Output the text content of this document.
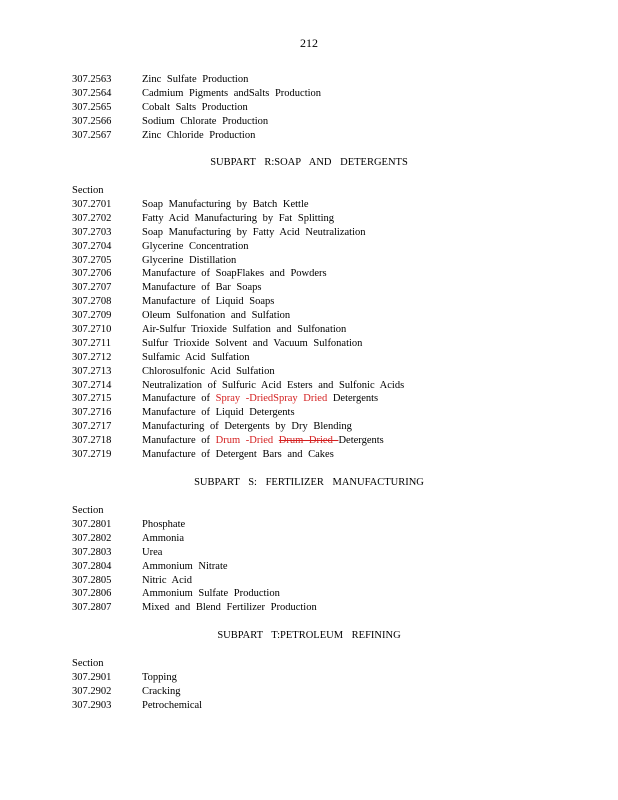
212
307.2563	Zinc Sulfate Production
307.2564	Cadmium Pigments andSalts Production
307.2565	Cobalt Salts Production
307.2566	Sodium Chlorate Production
307.2567	Zinc Chloride Production
SUBPART R:SOAP AND DETERGENTS
Section
307.2701	Soap Manufacturing by Batch Kettle
307.2702	Fatty Acid Manufacturing by Fat Splitting
307.2703	Soap Manufacturing by Fatty Acid Neutralization
307.2704	Glycerine Concentration
307.2705	Glycerine Distillation
307.2706	Manufacture of SoapFlakes and Powders
307.2707	Manufacture of Bar Soaps
307.2708	Manufacture of Liquid Soaps
307.2709	Oleum Sulfonation and Sulfation
307.2710	Air-Sulfur Trioxide Sulfation and Sulfonation
307.2711	Sulfur Trioxide Solvent and Vacuum Sulfonation
307.2712	Sulfamic Acid Sulfation
307.2713	Chlorosulfonic Acid Sulfation
307.2714	Neutralization of Sulfuric Acid Esters and Sulfonic Acids
307.2715	Manufacture of Spray -DriedSpray Dried Detergents
307.2716	Manufacture of Liquid Detergents
307.2717	Manufacturing of Detergents by Dry Blending
307.2718	Manufacture of Drum -Dried Drum Dried Detergents
307.2719	Manufacture of Detergent Bars and Cakes
SUBPART S: FERTILIZER MANUFACTURING
Section
307.2801	Phosphate
307.2802	Ammonia
307.2803	Urea
307.2804	Ammonium Nitrate
307.2805	Nitric Acid
307.2806	Ammonium Sulfate Production
307.2807	Mixed and Blend Fertilizer Production
SUBPART T:PETROLEUM REFINING
Section
307.2901	Topping
307.2902	Cracking
307.2903	Petrochemical
